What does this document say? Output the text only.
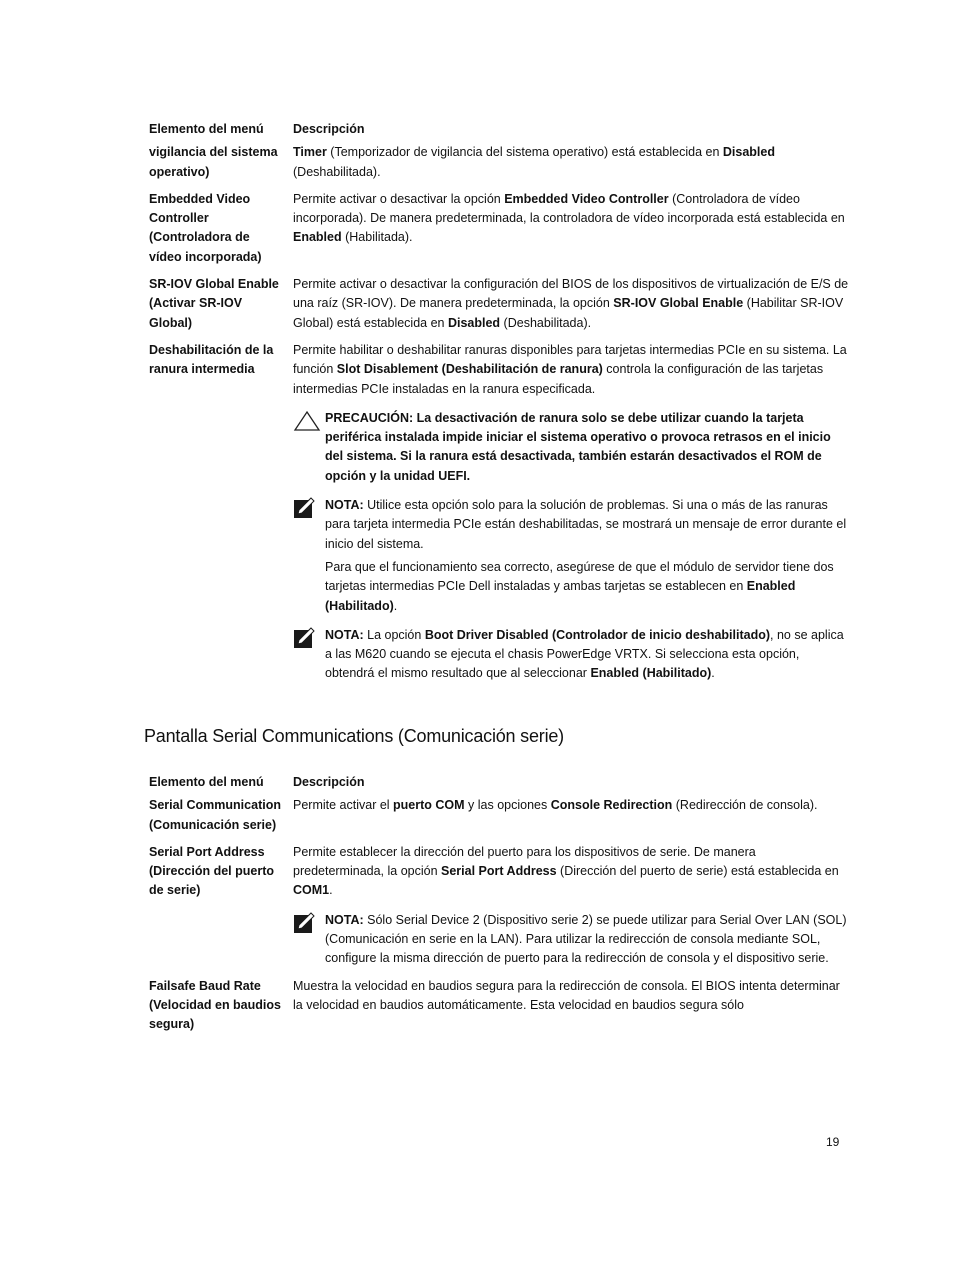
Elemento del menú	Descripción
vigilancia del sistema operativo)	Timer (Temporizador de vigilancia del sistema operativo) está establecida en Disabled (Deshabilitada).

Embedded Video Controller (Controladora de vídeo incorporada)	Permite activar o desactivar la opción Embedded Video Controller (Controladora de vídeo incorporada). De manera predeterminada, la controladora de vídeo incorporada está establecida en Enabled (Habilitada).

SR-IOV Global Enable (Activar SR-IOV Global)	Permite activar o desactivar la configuración del BIOS de los dispositivos de virtualización de E/S de una raíz (SR-IOV). De manera predeterminada, la opción SR-IOV Global Enable (Habilitar SR-IOV Global) está establecida en Disabled (Deshabilitada).

Deshabilitación de la ranura intermedia	Permite habilitar o deshabilitar ranuras disponibles para tarjetas intermedias PCIe en su sistema. La función Slot Disablement (Deshabilitación de ranura) controla la configuración de las tarjetas intermedias PCIe instaladas en la ranura especificada.

PRECAUCIÓN: La desactivación de ranura solo se debe utilizar cuando la tarjeta periférica instalada impide iniciar el sistema operativo o provoca retrasos en el inicio del sistema. Si la ranura está desactivada, también estarán desactivados el ROM de opción y la unidad UEFI.

NOTA: Utilice esta opción solo para la solución de problemas. Si una o más de las ranuras para tarjeta intermedia PCIe están deshabilitadas, se mostrará un mensaje de error durante el inicio del sistema.

Para que el funcionamiento sea correcto, asegúrese de que el módulo de servidor tiene dos tarjetas intermedias PCIe Dell instaladas y ambas tarjetas se establecen en Enabled (Habilitado).

NOTA: La opción Boot Driver Disabled (Controlador de inicio deshabilitado), no se aplica a las M620 cuando se ejecuta el chasis PowerEdge VRTX. Si selecciona esta opción, obtendrá el mismo resultado que al seleccionar Enabled (Habilitado).

Pantalla Serial Communications (Comunicación serie)
Elemento del menú	Descripción
Serial Communication (Comunicación serie)	Permite activar el puerto COM y las opciones Console Redirection (Redirección de consola).

Serial Port Address (Dirección del puerto de serie)	Permite establecer la dirección del puerto para los dispositivos de serie. De manera predeterminada, la opción Serial Port Address (Dirección del puerto de serie) está establecida en COM1.

NOTA: Sólo Serial Device 2 (Dispositivo serie 2) se puede utilizar para Serial Over LAN (SOL) (Comunicación en serie en la LAN). Para utilizar la redirección de consola mediante SOL, configure la misma dirección de puerto para la redirección de consola y el dispositivo serie.

Failsafe Baud Rate (Velocidad en baudios segura)	Muestra la velocidad en baudios segura para la redirección de consola. El BIOS intenta determinar la velocidad en baudios automáticamente. Esta velocidad en baudios segura sólo
19
